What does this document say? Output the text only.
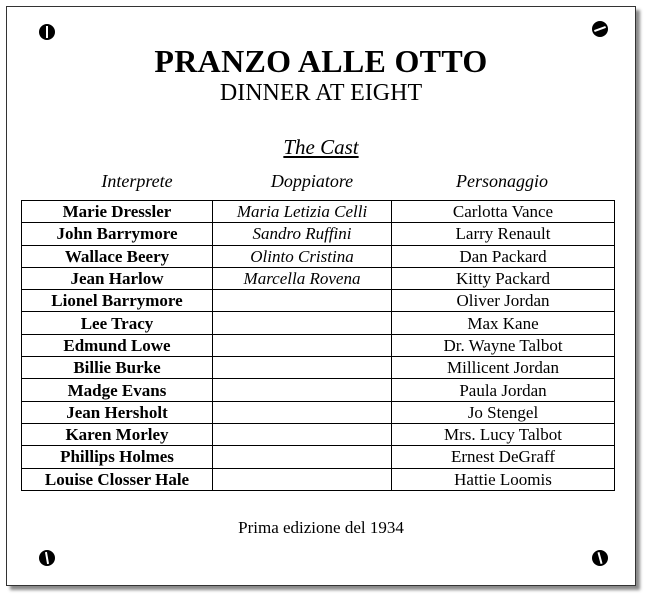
PRANZO ALLE OTTO
DINNER AT EIGHT
The Cast
Interprete	Doppiatore	Personaggio
Marie Dressler	Maria Letizia Celli	Carlotta Vance
John Barrymore	Sandro Ruffini	Larry Renault
Wallace Beery	Olinto Cristina	Dan Packard
Jean Harlow	Marcella Rovena	Kitty Packard
Lionel Barrymore		Oliver Jordan
Lee Tracy		Max Kane
Edmund Lowe		Dr. Wayne Talbot
Billie Burke		Millicent Jordan
Madge Evans		Paula Jordan
Jean Hersholt		Jo Stengel
Karen Morley		Mrs. Lucy Talbot
Phillips Holmes		Ernest DeGraff
Louise Closser Hale		Hattie Loomis
Prima edizione del 1934
